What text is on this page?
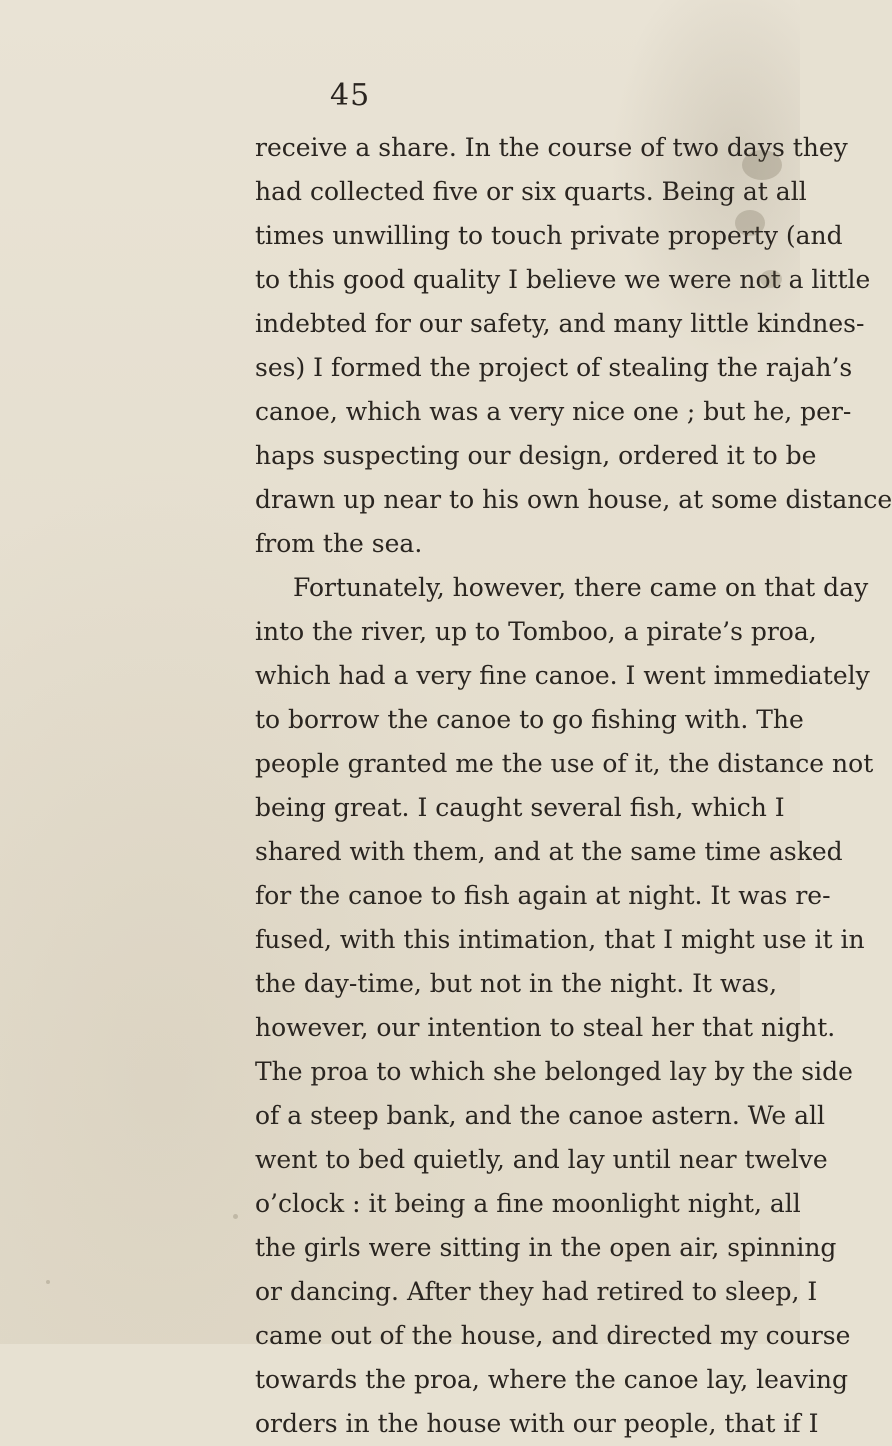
45
receive a share. In the course of two days they
had collected five or six quarts. Being at all
times unwilling to touch private property (and
to this good quality I believe we were not a little
indebted for our safety, and many little kindnes-
ses) I formed the project of stealing the rajah’s
canoe, which was a very nice one ; but he, per-
haps suspecting our design, ordered it to be
drawn up near to his own house, at some distance
from the sea.
Fortunately, however, there came on that day
into the river, up to Tomboo, a pirate’s proa,
which had a very fine canoe. I went immediately
to borrow the canoe to go fishing with. The
people granted me the use of it, the distance not
being great. I caught several fish, which I
shared with them, and at the same time asked
for the canoe to fish again at night. It was re-
fused, with this intimation, that I might use it in
the day-time, but not in the night. It was,
however, our intention to steal her that night.
The proa to which she belonged lay by the side
of a steep bank, and the canoe astern. We all
went to bed quietly, and lay until near twelve
o’clock : it being a fine moonlight night, all
the girls were sitting in the open air, spinning
or dancing. After they had retired to sleep, I
came out of the house, and directed my course
towards the proa, where the canoe lay, leaving
orders in the house with our people, that if I
